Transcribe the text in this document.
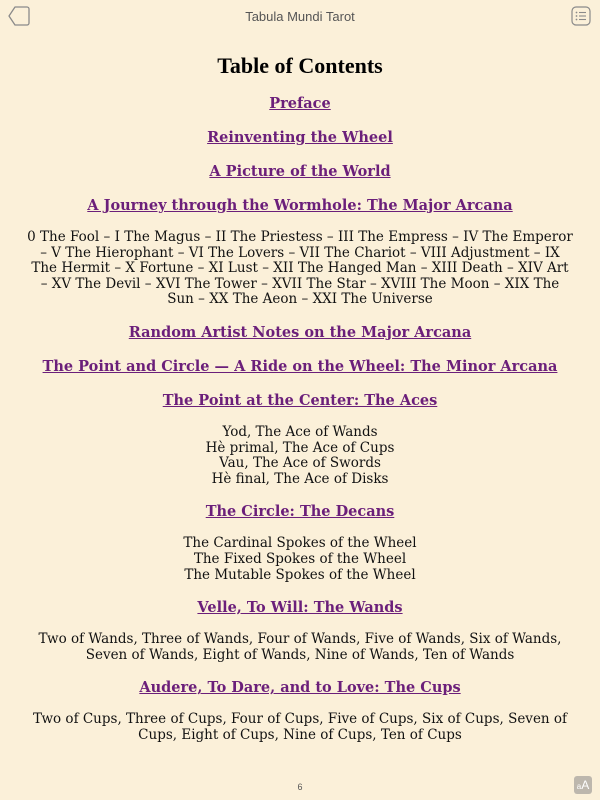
Tabula Mundi Tarot
Table of Contents
Preface
Reinventing the Wheel
A Picture of the World
A Journey through the Wormhole: The Major Arcana
0 The Fool – I The Magus – II The Priestess – III The Empress – IV The Emperor – V The Hierophant – VI The Lovers – VII The Chariot – VIII Adjustment – IX The Hermit – X Fortune – XI Lust – XII The Hanged Man – XIII Death – XIV Art – XV The Devil – XVI The Tower – XVII The Star – XVIII The Moon – XIX The Sun – XX The Aeon – XXI The Universe
Random Artist Notes on the Major Arcana
The Point and Circle — A Ride on the Wheel: The Minor Arcana
The Point at the Center: The Aces
Yod, The Ace of Wands
Hè primal, The Ace of Cups
Vau, The Ace of Swords
Hè final, The Ace of Disks
The Circle: The Decans
The Cardinal Spokes of the Wheel
The Fixed Spokes of the Wheel
The Mutable Spokes of the Wheel
Velle, To Will: The Wands
Two of Wands, Three of Wands, Four of Wands, Five of Wands, Six of Wands, Seven of Wands, Eight of Wands, Nine of Wands, Ten of Wands
Audere, To Dare, and to Love: The Cups
Two of Cups, Three of Cups, Four of Cups, Five of Cups, Six of Cups, Seven of Cups, Eight of Cups, Nine of Cups, Ten of Cups
6	aA
